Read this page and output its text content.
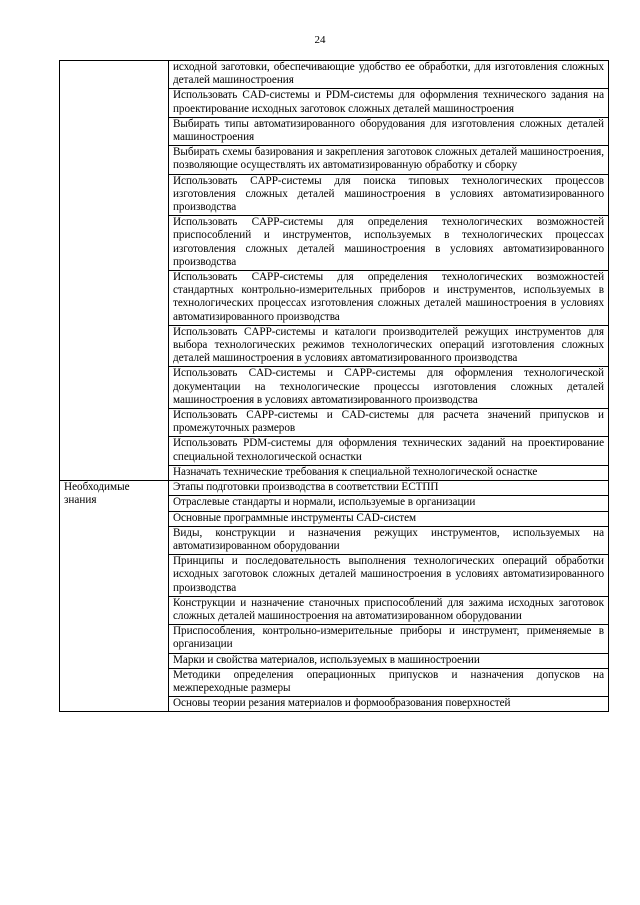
24
	исходной заготовки, обеспечивающие удобство ее обработки, для изготовления сложных деталей машиностроения
	Использовать CAD-системы и PDM-системы для оформления технического задания на проектирование исходных заготовок сложных деталей машиностроения
	Выбирать типы автоматизированного оборудования для изготовления сложных деталей машиностроения
	Выбирать схемы базирования и закрепления заготовок сложных деталей машиностроения, позволяющие осуществлять их автоматизированную обработку и сборку
	Использовать CAPP-системы для поиска типовых технологических процессов изготовления сложных деталей машиностроения в условиях автоматизированного производства
	Использовать CAPP-системы для определения технологических возможностей приспособлений и инструментов, используемых в технологических процессах изготовления сложных деталей машиностроения в условиях автоматизированного производства
	Использовать CAPP-системы для определения технологических возможностей стандартных контрольно-измерительных приборов и инструментов, используемых в технологических процессах изготовления сложных деталей машиностроения в условиях автоматизированного производства
	Использовать CAPP-системы и каталоги производителей режущих инструментов для выбора технологических режимов технологических операций изготовления сложных деталей машиностроения в условиях автоматизированного производства
	Использовать CAD-системы и CAPP-системы для оформления технологической документации на технологические процессы изготовления сложных деталей машиностроения в условиях автоматизированного производства
	Использовать CAPP-системы и CAD-системы для расчета значений припусков и промежуточных размеров
	Использовать PDM-системы для оформления технических заданий на проектирование специальной технологической оснастки
	Назначать технические требования к специальной технологической оснастке
Необходимые знания	Этапы подготовки производства в соответствии ЕСТПП
	Отраслевые стандарты и нормали, используемые в организации
	Основные программные инструменты CAD-систем
	Виды, конструкции и назначения режущих инструментов, используемых на автоматизированном оборудовании
	Принципы и последовательность выполнения технологических операций обработки исходных заготовок сложных деталей машиностроения в условиях автоматизированного производства
	Конструкции и назначение станочных приспособлений для зажима исходных заготовок сложных деталей машиностроения на автоматизированном оборудовании
	Приспособления, контрольно-измерительные приборы и инструмент, применяемые в организации
	Марки и свойства материалов, используемых в машиностроении
	Методики определения операционных припусков и назначения допусков на межпереходные размеры
	Основы теории резания материалов и формообразования поверхностей
